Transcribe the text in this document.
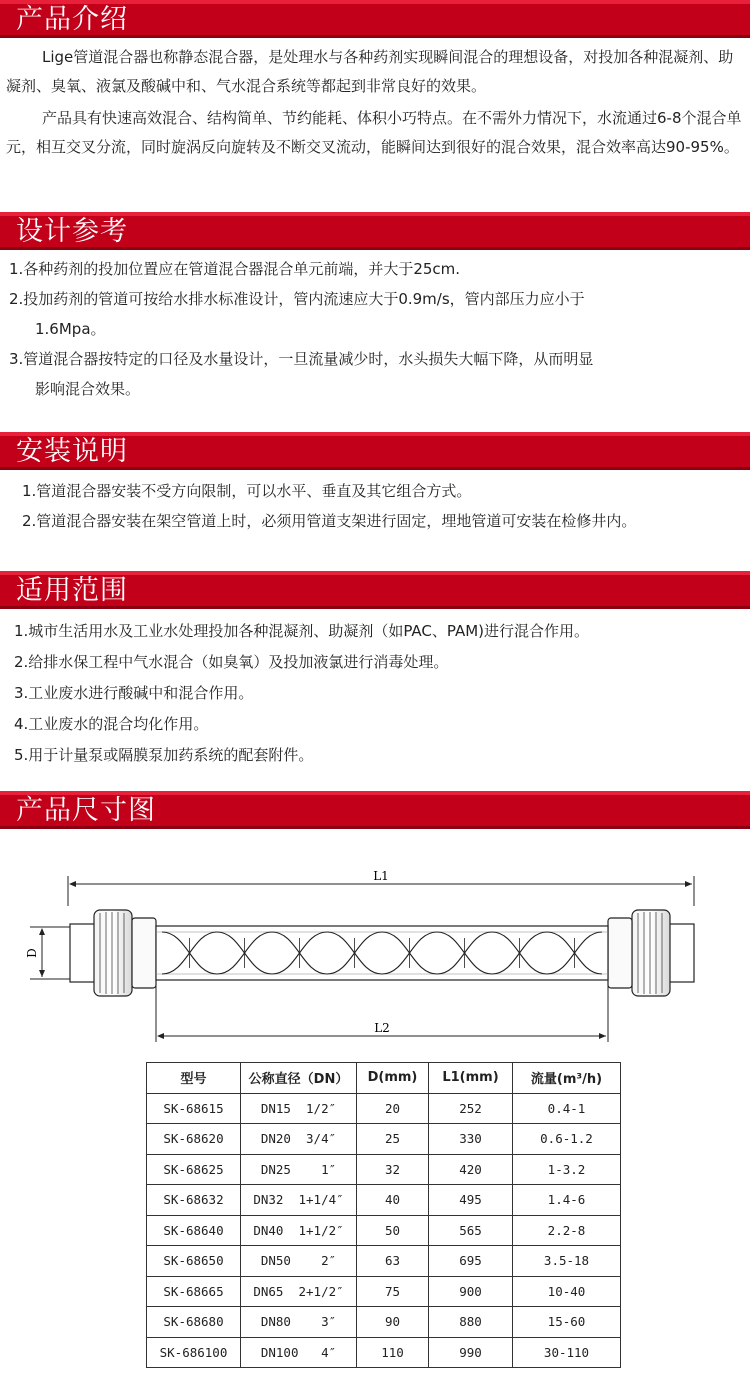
产品介绍

Lige管道混合器也称静态混合器，是处理水与各种药剂实现瞬间混合的理想设备，对投加各种混凝剂、助凝剂、臭氧、液氯及酸碱中和、气水混合系统等都起到非常良好的效果。

产品具有快速高效混合、结构简单、节约能耗、体积小巧特点。在不需外力情况下，水流通过6-8个混合单元，相互交叉分流，同时旋涡反向旋转及不断交叉流动，能瞬间达到很好的混合效果，混合效率高达90-95%。

设计参考
1.各种药剂的投加位置应在管道混合器混合单元前端，并大于25cm.
2.投加药剂的管道可按给水排水标准设计，管内流速应大于0.9m/s，管内部压力应小于
1.6Mpa。
3.管道混合器按特定的口径及水量设计，一旦流量减少时，水头损失大幅下降，从而明显
影响混合效果。
安装说明
1.管道混合器安装不受方向限制，可以水平、垂直及其它组合方式。
2.管道混合器安装在架空管道上时，必须用管道支架进行固定，埋地管道可安装在检修井内。
适用范围
1.城市生活用水及工业水处理投加各种混凝剂、助凝剂（如PAC、PAM)进行混合作用。
2.给排水保工程中气水混合（如臭氧）及投加液氯进行消毒处理。
3.工业废水进行酸碱中和混合作用。
4.工业废水的混合均化作用。
5.用于计量泵或隔膜泵加药系统的配套附件。
产品尺寸图
L1
D
L2
型号	公称直径（DN）	D(mm)	L1(mm)	流量(m³/h)
SK-68615	DN15  1/2″	20	252	0.4-1
SK-68620	DN20  3/4″	25	330	0.6-1.2
SK-68625	DN25    1″	32	420	1-3.2
SK-68632	DN32  1+1/4″	40	495	1.4-6
SK-68640	DN40  1+1/2″	50	565	2.2-8
SK-68650	DN50    2″	63	695	3.5-18
SK-68665	DN65  2+1/2″	75	900	10-40
SK-68680	DN80    3″	90	880	15-60
SK-686100	DN100   4″	110	990	30-110
